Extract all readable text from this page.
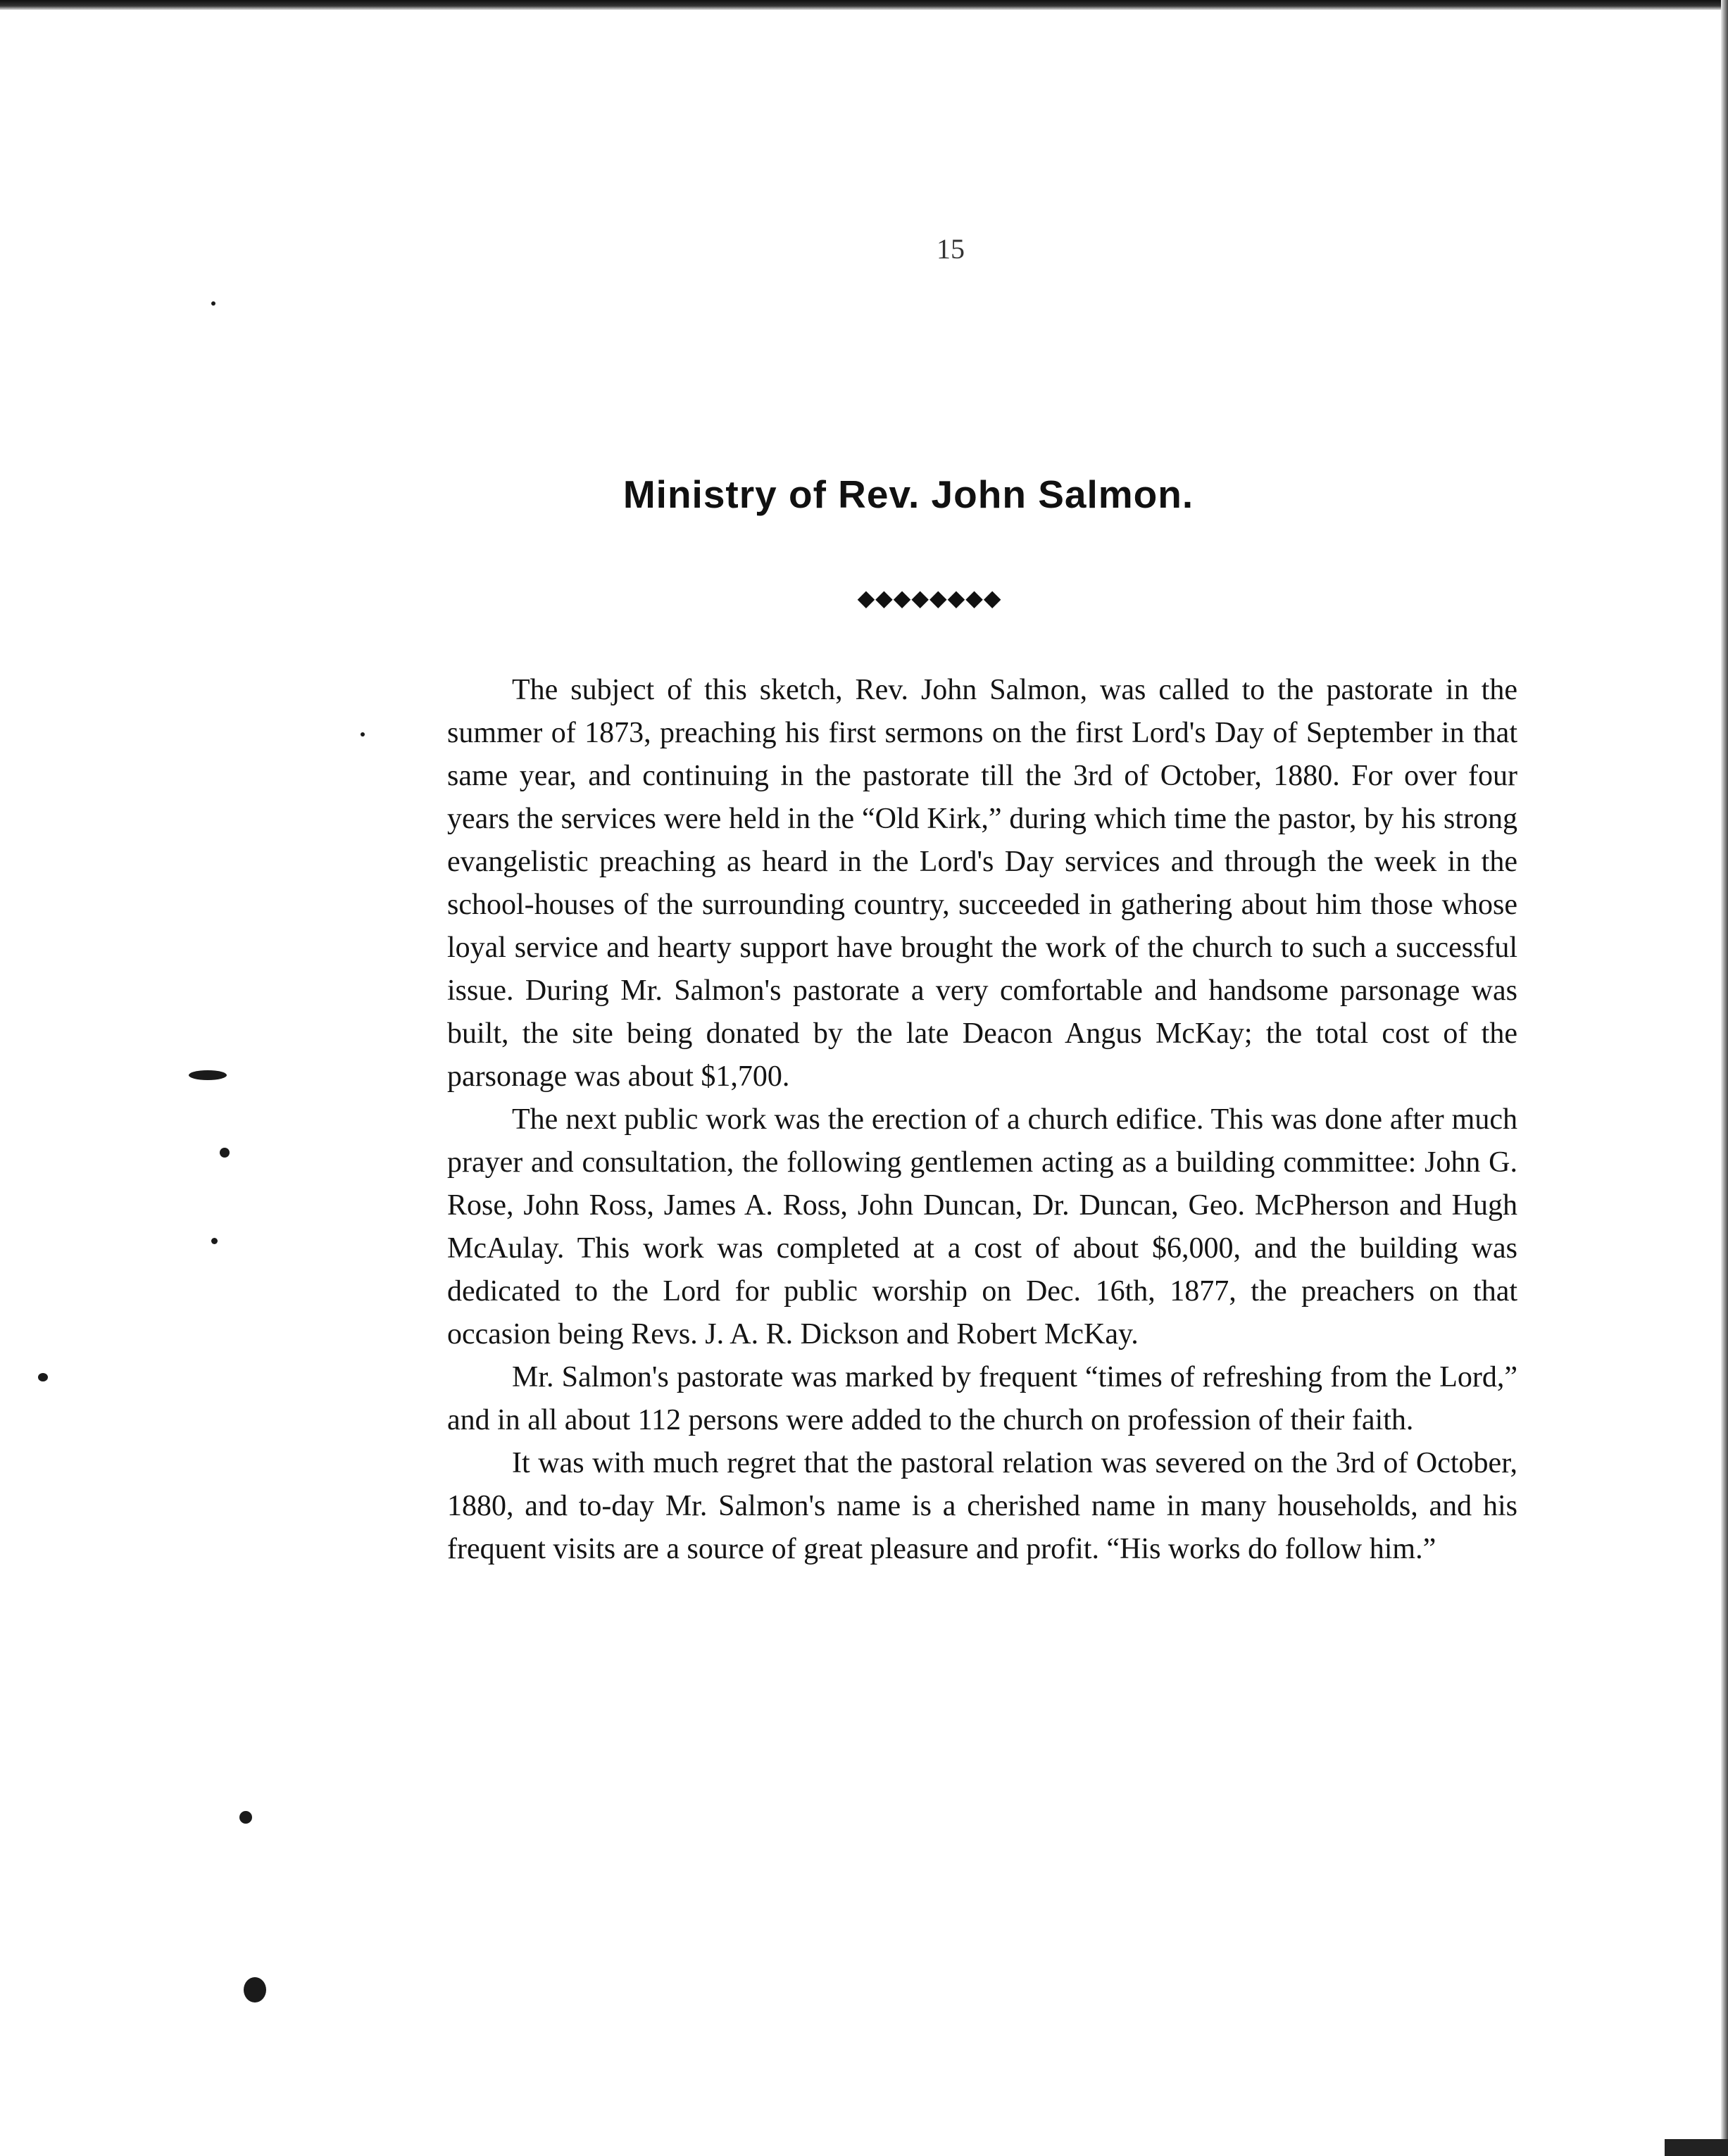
15
Ministry of Rev. John Salmon.
◆◆◆◆◆◆◆◆

The subject of this sketch, Rev. John Salmon, was called to the pastorate in the summer of 1873, preaching his first sermons on the first Lord's Day of September in that same year, and continuing in the pastorate till the 3rd of October, 1880. For over four years the services were held in the “Old Kirk,” during which time the pastor, by his strong evangelistic preaching as heard in the Lord's Day services and through the week in the school-houses of the surrounding country, succeeded in gathering about him those whose loyal service and hearty support have brought the work of the church to such a successful issue. During Mr. Salmon's pastorate a very comfortable and handsome parsonage was built, the site being donated by the late Deacon Angus McKay; the total cost of the parsonage was about $1,700.

The next public work was the erection of a church edifice. This was done after much prayer and consultation, the following gentlemen acting as a building committee: John G. Rose, John Ross, James A. Ross, John Duncan, Dr. Duncan, Geo. McPherson and Hugh McAulay. This work was completed at a cost of about $6,000, and the building was dedicated to the Lord for public worship on Dec. 16th, 1877, the preachers on that occasion being Revs. J. A. R. Dickson and Robert McKay.

Mr. Salmon's pastorate was marked by frequent “times of refreshing from the Lord,” and in all about 112 persons were added to the church on profession of their faith.

It was with much regret that the pastoral relation was severed on the 3rd of October, 1880, and to-day Mr. Salmon's name is a cherished name in many households, and his frequent visits are a source of great pleasure and profit. “His works do follow him.”
